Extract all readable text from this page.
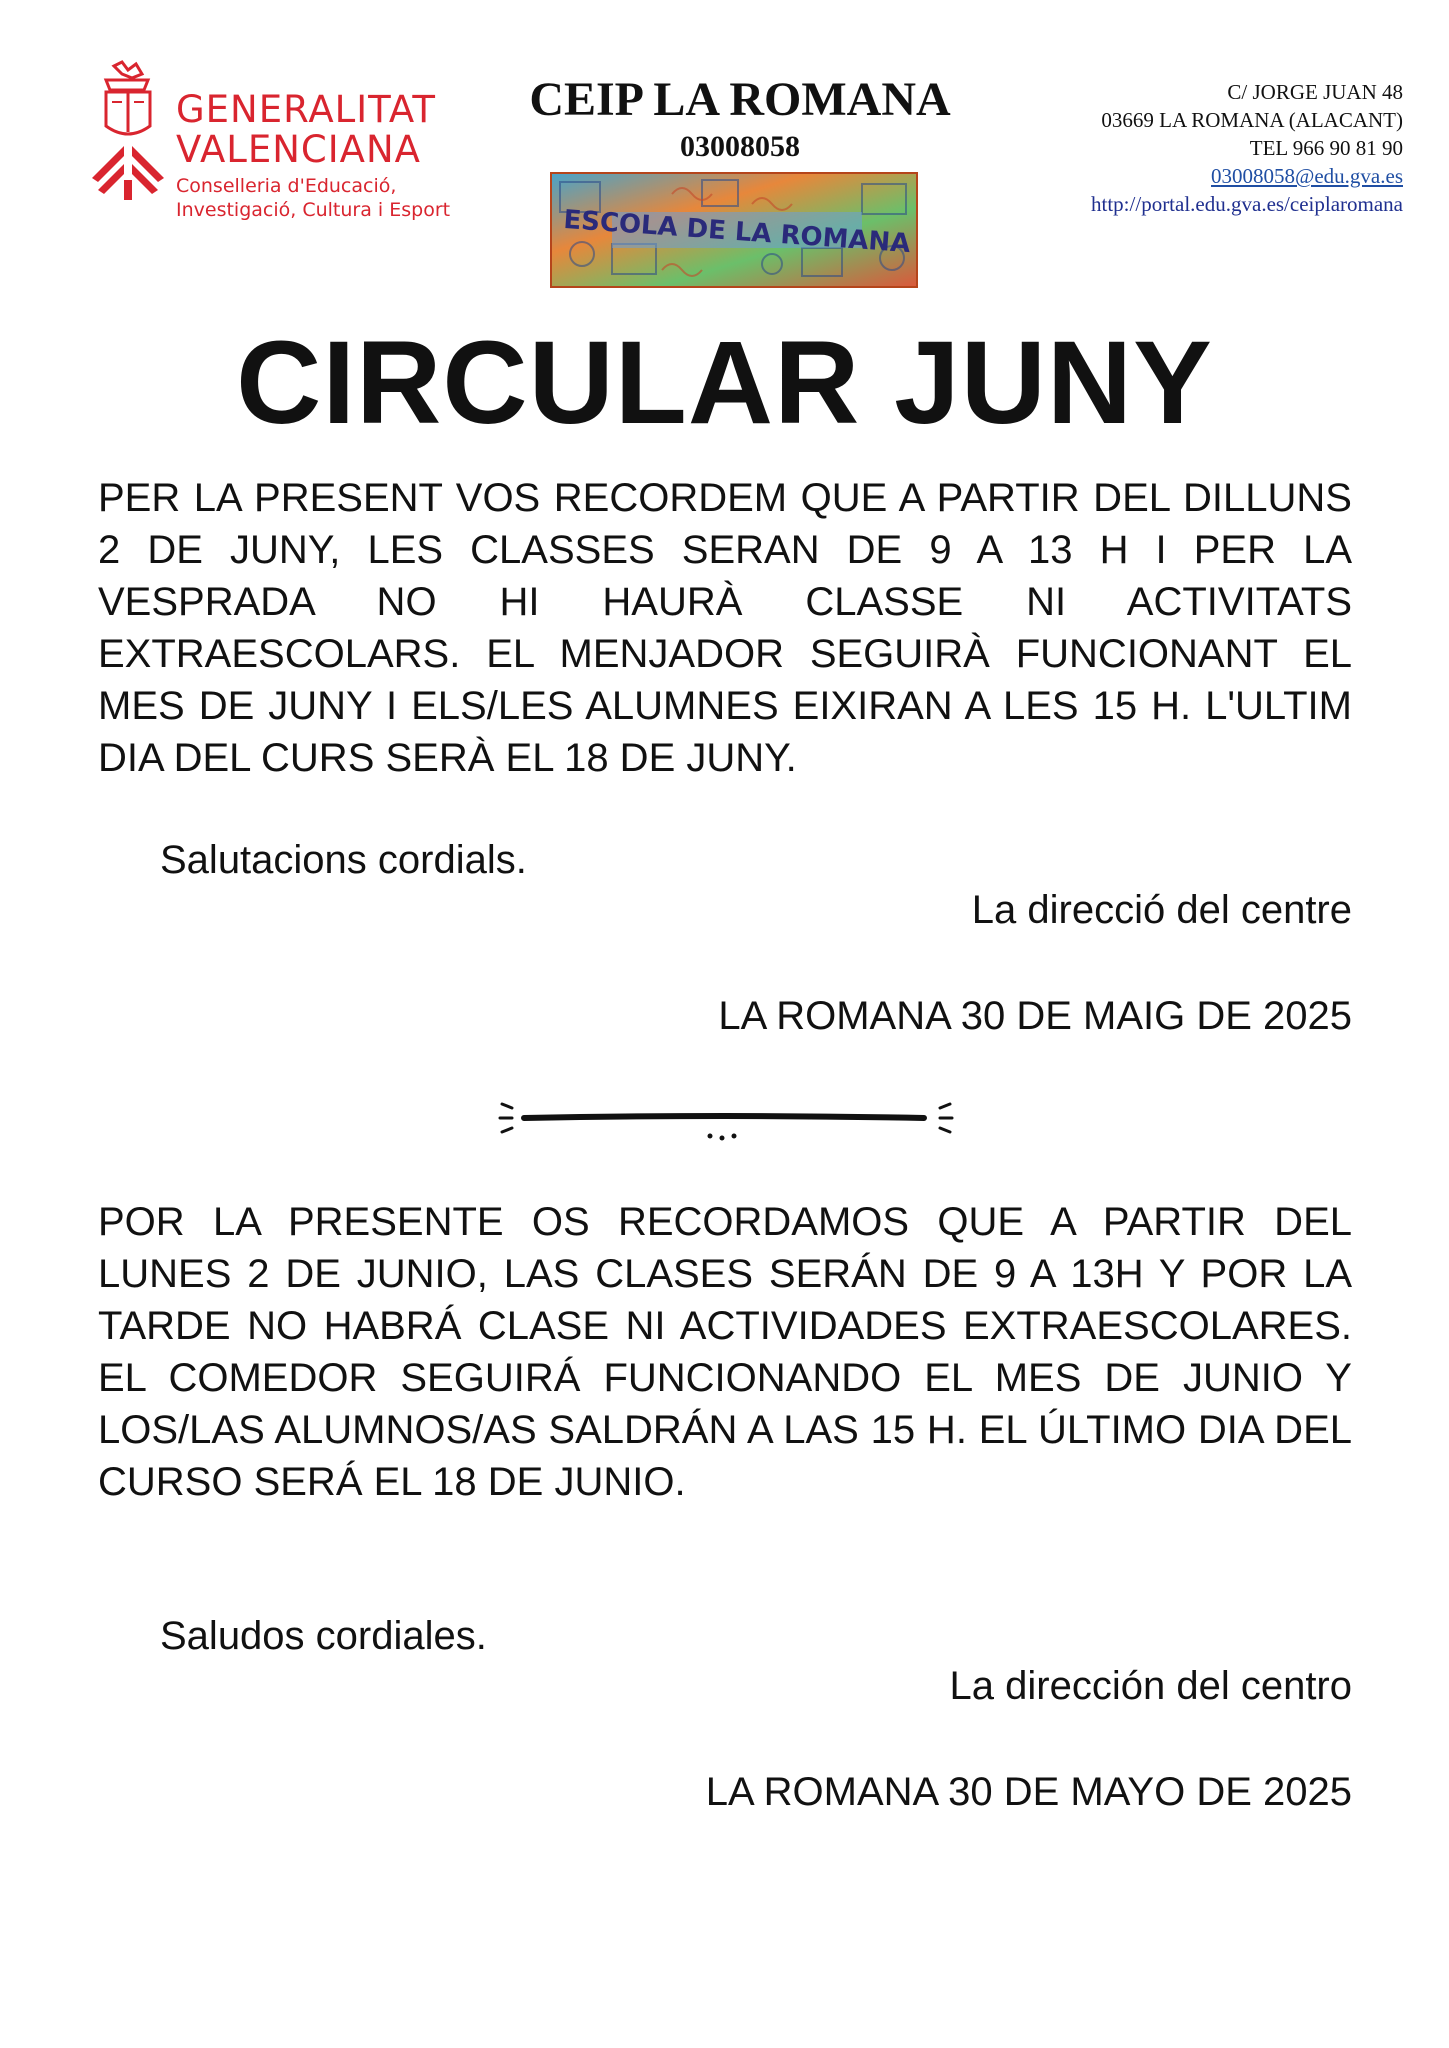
GENERALITAT
VALENCIANA
Conselleria d'Educació,
Investigació, Cultura i Esport
CEIP LA ROMANA
03008058
ESCOLA DE LA ROMANA
C/ JORGE JUAN 48
03669 LA ROMANA (ALACANT)
TEL 966 90 81 90
03008058@edu.gva.es
http://portal.edu.gva.es/ceiplaromana
CIRCULAR JUNY

PER LA PRESENT VOS RECORDEM QUE A PARTIR DEL DILLUNS 2 DE JUNY, LES CLASSES SERAN DE 9 A 13 H I PER LA VESPRADA NO HI HAURÀ CLASSE NI ACTIVITATS EXTRAESCOLARS. EL MENJADOR SEGUIRÀ FUNCIONANT EL MES DE JUNY I ELS/LES ALUMNES EIXIRAN A LES 15 H. L'ULTIM DIA DEL CURS SERÀ EL 18 DE JUNY.

Salutacions cordials.
La direcció del centre
LA ROMANA 30 DE MAIG DE 2025

POR LA PRESENTE OS RECORDAMOS QUE A PARTIR DEL LUNES 2 DE JUNIO, LAS CLASES SERÁN DE 9 A 13H Y POR LA TARDE NO HABRÁ CLASE NI ACTIVIDADES EXTRAESCOLARES. EL COMEDOR SEGUIRÁ FUNCIONANDO EL MES DE JUNIO Y LOS/LAS ALUMNOS/AS SALDRÁN A LAS 15 H. EL ÚLTIMO DIA DEL CURSO SERÁ EL 18 DE JUNIO.

Saludos cordiales.
La dirección del centro
LA ROMANA 30 DE MAYO DE 2025
